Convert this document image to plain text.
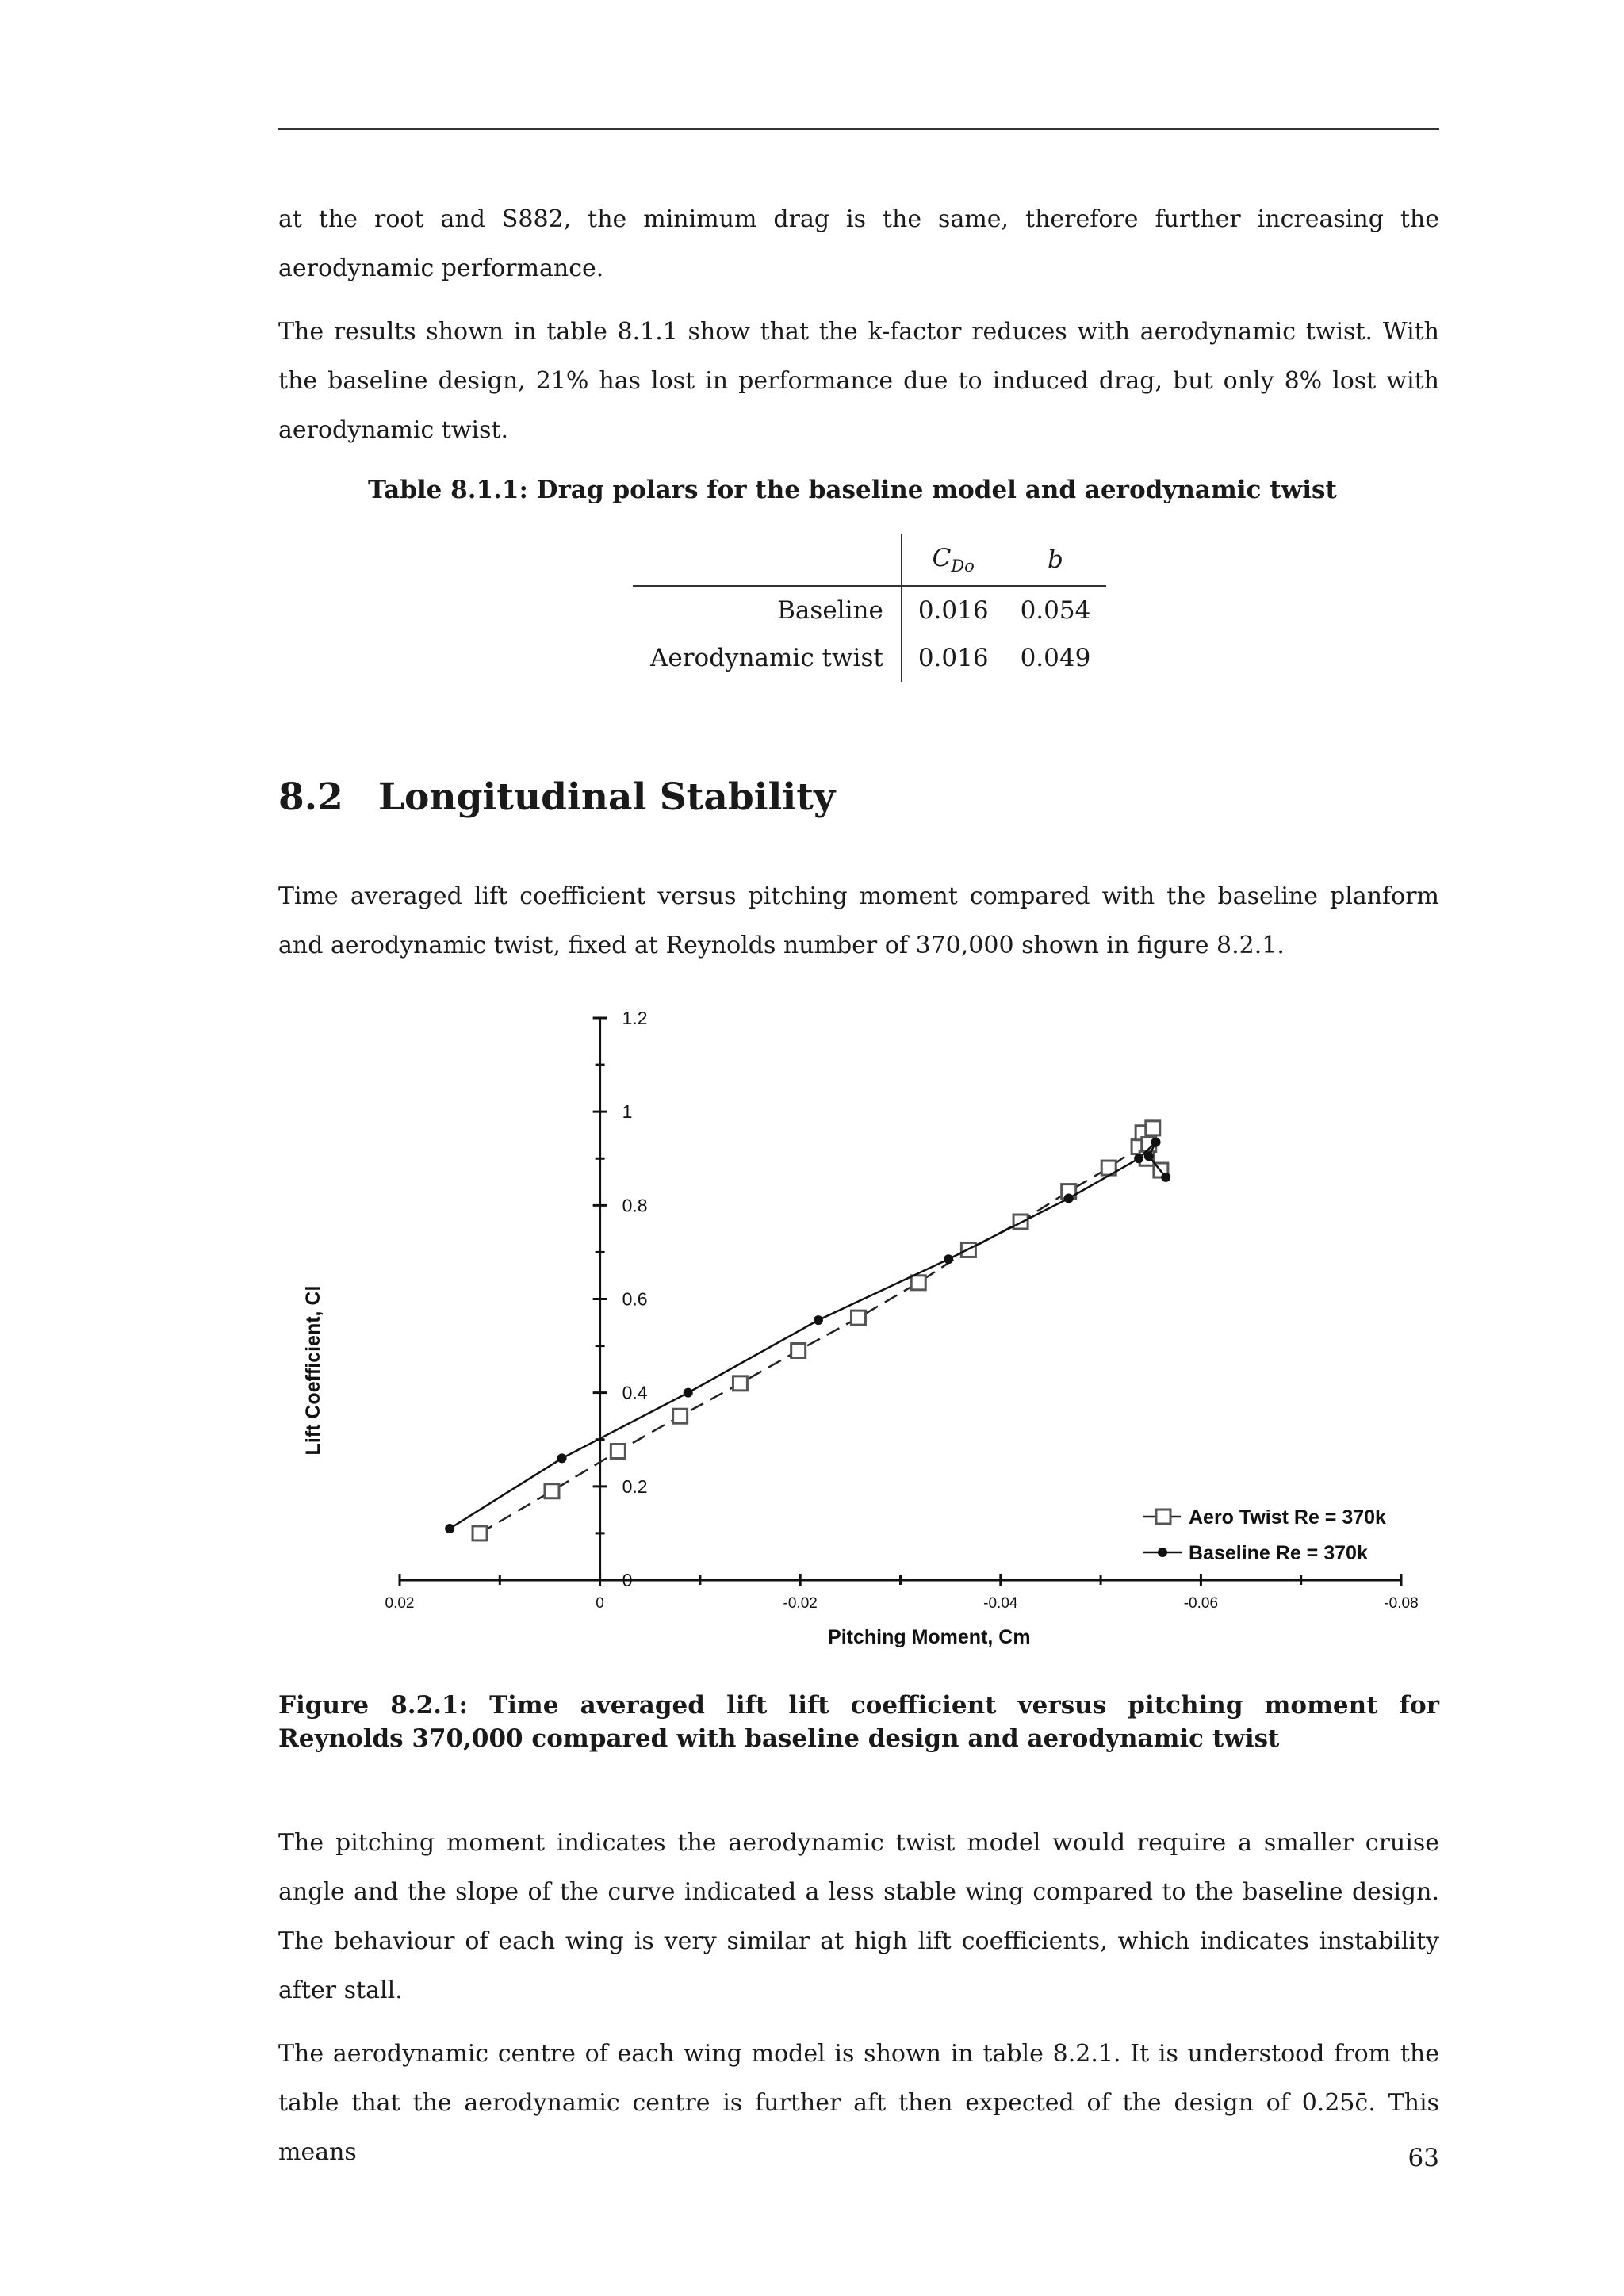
at the root and S882, the minimum drag is the same, therefore further increasing the aerodynamic performance.

The results shown in table 8.1.1 show that the k-factor reduces with aerodynamic twist. With the baseline design, 21% has lost in performance due to induced drag, but only 8% lost with aerodynamic twist.

Table 8.1.1: Drag polars for the baseline model and aerodynamic twist

	$C_{Do}$	b
Baseline	0.016	0.054
Aerodynamic twist	0.016	0.049
8.2 Longitudinal Stability

Time averaged lift coefficient versus pitching moment compared with the baseline planform and aerodynamic twist, fixed at Reynolds number of 370,000 shown in figure 8.2.1.

0.02	0	-0.02	-0.04	-0.06	-0.08
0
0.2
0.4
0.6
0.8
1
1.2
Pitching Moment, Cm
Lift Coefficient, Cl
Aero Twist Re = 370k
Baseline Re = 370k

Figure 8.2.1: Time averaged lift lift coefficient versus pitching moment for Reynolds 370,000 compared with baseline design and aerodynamic twist

The pitching moment indicates the aerodynamic twist model would require a smaller cruise angle and the slope of the curve indicated a less stable wing compared to the baseline design. The behaviour of each wing is very similar at high lift coefficients, which indicates instability after stall.

The aerodynamic centre of each wing model is shown in table 8.2.1. It is understood from the table that the aerodynamic centre is further aft then expected of the design of 0.25c̄. This means	63
